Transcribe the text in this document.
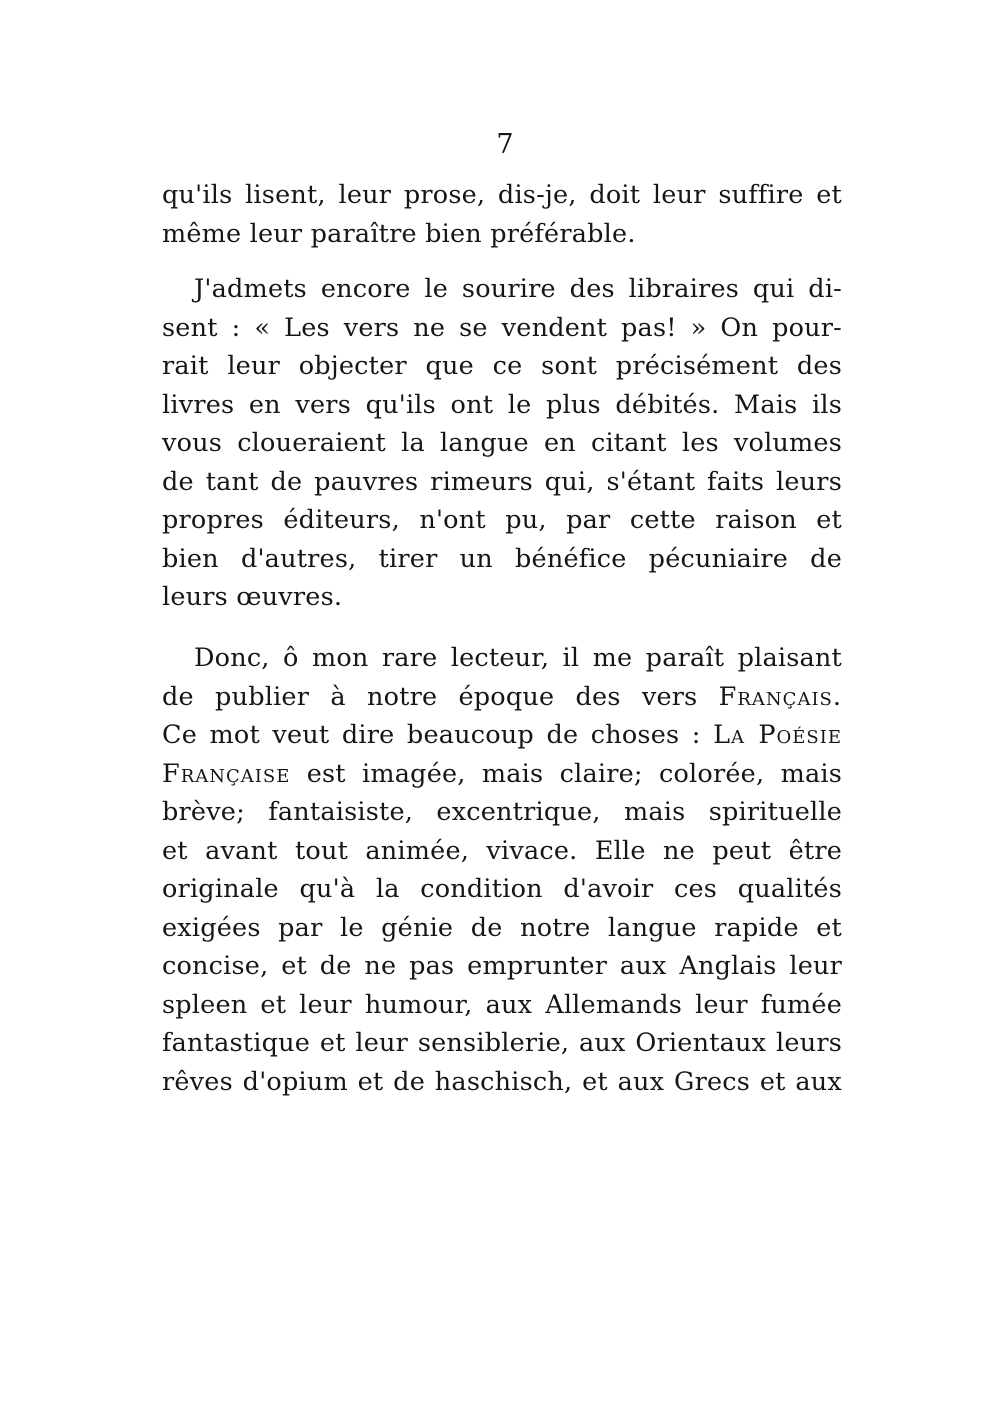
7
qu'ils lisent, leur prose, dis-je, doit leur suffire et
même leur paraître bien préférable.
J'admets encore le sourire des libraires qui di-
sent : « Les vers ne se vendent pas! » On pour-
rait leur objecter que ce sont précisément des
livres en vers qu'ils ont le plus débités. Mais ils
vous cloueraient la langue en citant les volumes
de tant de pauvres rimeurs qui, s'étant faits leurs
propres éditeurs, n'ont pu, par cette raison et
bien d'autres, tirer un bénéfice pécuniaire de
leurs œuvres.
Donc, ô mon rare lecteur, il me paraît plaisant
de publier à notre époque des vers Français.
Ce mot veut dire beaucoup de choses : La Poésie
Française est imagée, mais claire; colorée, mais
brève; fantaisiste, excentrique, mais spirituelle
et avant tout animée, vivace. Elle ne peut être
originale qu'à la condition d'avoir ces qualités
exigées par le génie de notre langue rapide et
concise, et de ne pas emprunter aux Anglais leur
spleen et leur humour, aux Allemands leur fumée
fantastique et leur sensiblerie, aux Orientaux leurs
rêves d'opium et de haschisch, et aux Grecs et aux
